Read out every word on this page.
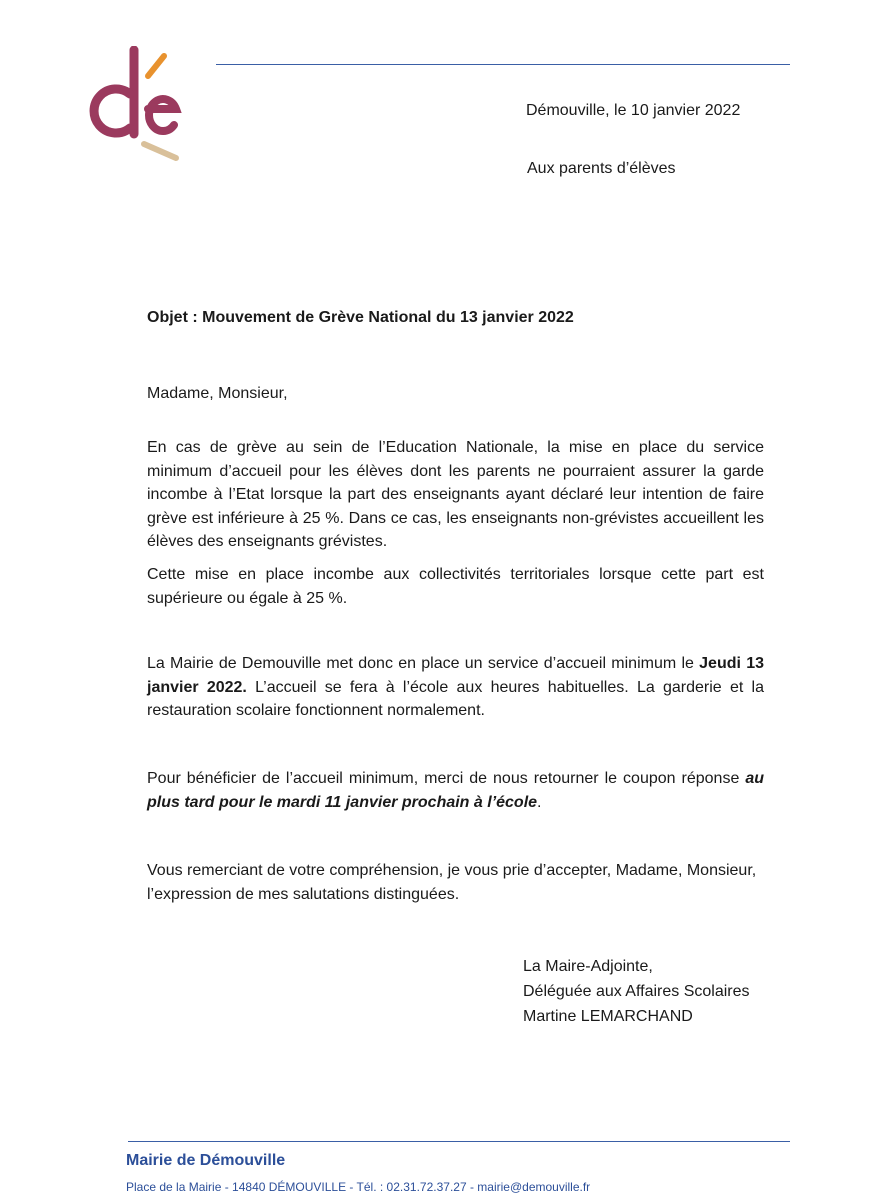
Démouville, le 10 janvier 2022
Aux parents d’élèves
Objet : Mouvement de Grève National du 13 janvier 2022
Madame, Monsieur,
En cas de grève au sein de l’Education Nationale, la mise en place du service minimum d’accueil pour les élèves dont les parents ne pourraient assurer la garde incombe à l’Etat lorsque la part des enseignants ayant déclaré leur intention de faire grève est inférieure à 25 %. Dans ce cas, les enseignants non-grévistes accueillent les élèves des enseignants grévistes.
Cette mise en place incombe aux collectivités territoriales lorsque cette part est supérieure ou égale à 25 %.
La Mairie de Demouville met donc en place un service d’accueil minimum le Jeudi 13 janvier 2022. L’accueil se fera à l’école aux heures habituelles. La garderie et la restauration scolaire fonctionnent normalement.
Pour bénéficier de l’accueil minimum, merci de nous retourner le coupon réponse au plus tard pour le mardi 11 janvier prochain à l’école.
Vous remerciant de votre compréhension, je vous prie d’accepter, Madame, Monsieur, l’expression de mes salutations distinguées.
La Maire-Adjointe,
Déléguée aux Affaires Scolaires
Martine LEMARCHAND
Mairie de Démouville
Place de la Mairie - 14840 DÉMOUVILLE - Tél. : 02.31.72.37.27 - mairie@demouville.fr
